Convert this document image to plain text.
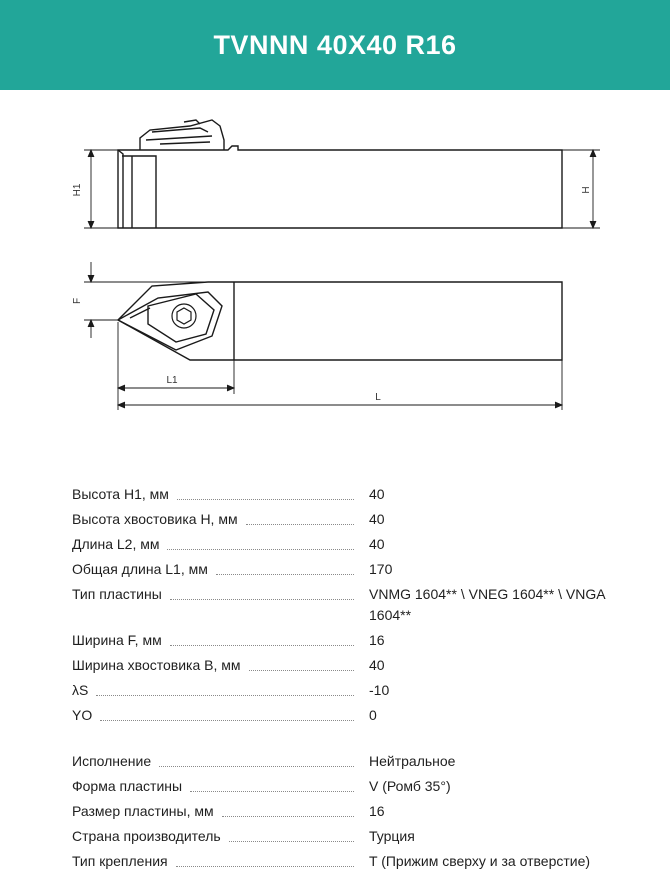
TVNNN 40X40 R16
H1	H
F
L1
L
Высота H1, мм	40
Высота хвостовика H, мм	40
Длина L2, мм	40
Общая длина L1, мм	170
Тип пластины	VNMG 1604** \ VNEG 1604** \ VNGA 1604**
Ширина F, мм	16
Ширина хвостовика B, мм	40
λS	-10
YO	0
Исполнение	Нейтральное
Форма пластины	V (Ромб 35°)
Размер пластины, мм	16
Страна производитель	Турция
Тип крепления	T (Прижим сверху и за отверстие)
